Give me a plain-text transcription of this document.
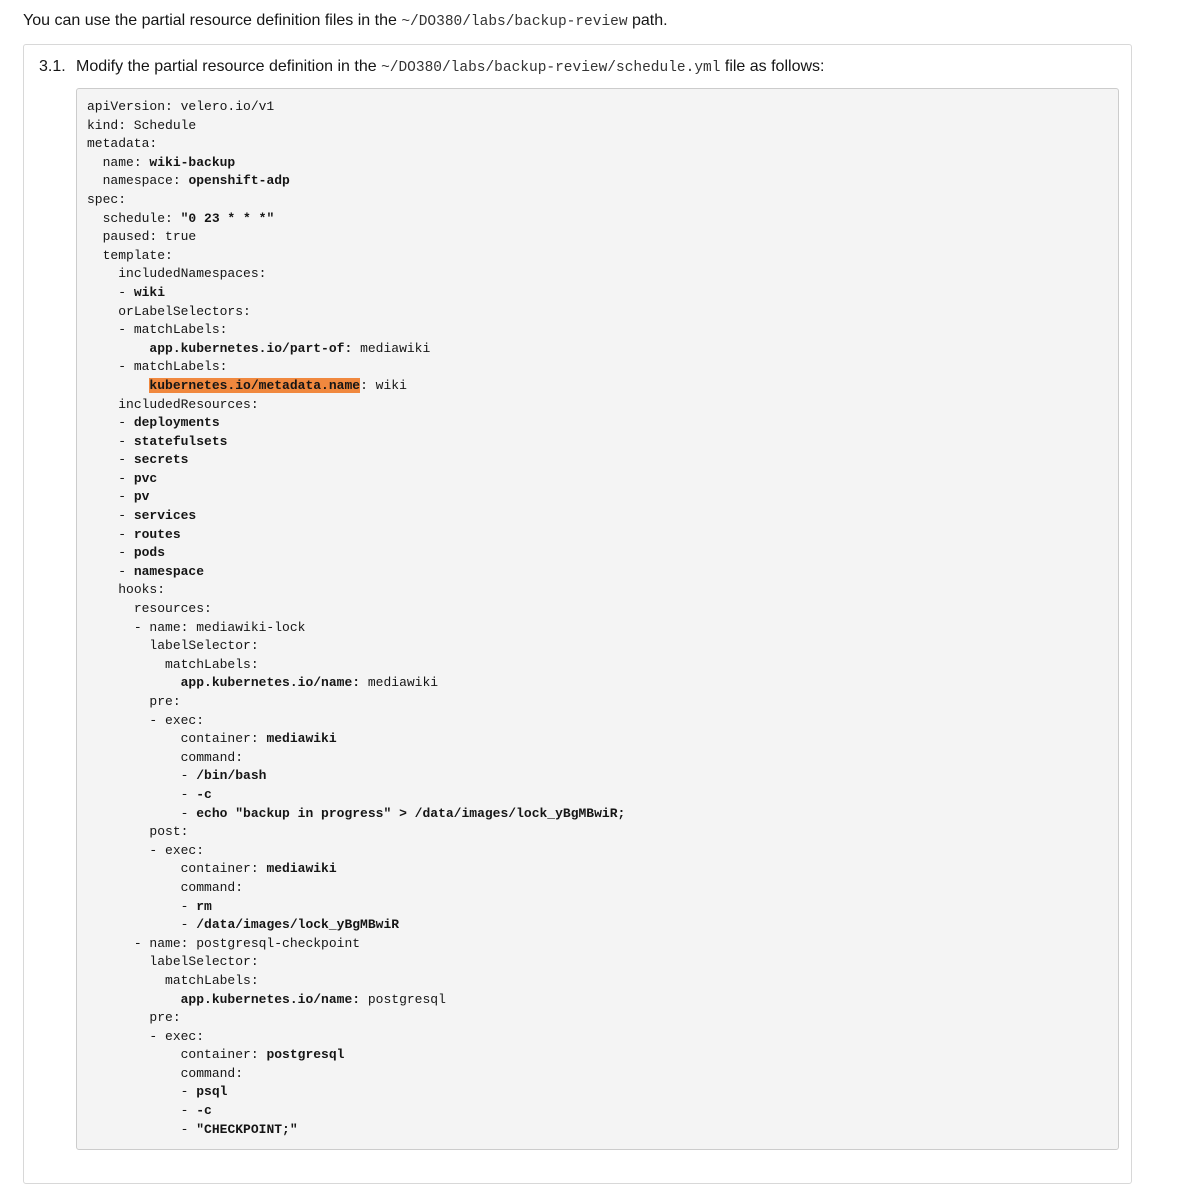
You can use the partial resource definition files in the ~/DO380/labs/backup-review path.
3.1. Modify the partial resource definition in the ~/DO380/labs/backup-review/schedule.yml file as follows:
apiVersion: velero.io/v1
kind: Schedule
metadata:
name: wiki-backup
namespace: openshift-adp
spec:
schedule: "0 23 * * *"
paused: true
template:
includedNamespaces:
- wiki
orLabelSelectors:
- matchLabels:
app.kubernetes.io/part-of: mediawiki
- matchLabels:
kubernetes.io/metadata.name: wiki
includedResources:
- deployments
- statefulsets
- secrets
- pvc
- pv
- services
- routes
- pods
- namespace
hooks:
resources:
- name: mediawiki-lock
labelSelector:
matchLabels:
app.kubernetes.io/name: mediawiki
pre:
- exec:
container: mediawiki
command:
- /bin/bash
- -c
- echo "backup in progress" > /data/images/lock_yBgMBwiR;
post:
- exec:
container: mediawiki
command:
- rm
- /data/images/lock_yBgMBwiR
- name: postgresql-checkpoint
labelSelector:
matchLabels:
app.kubernetes.io/name: postgresql
pre:
- exec:
container: postgresql
command:
- psql
- -c
- "CHECKPOINT;"
